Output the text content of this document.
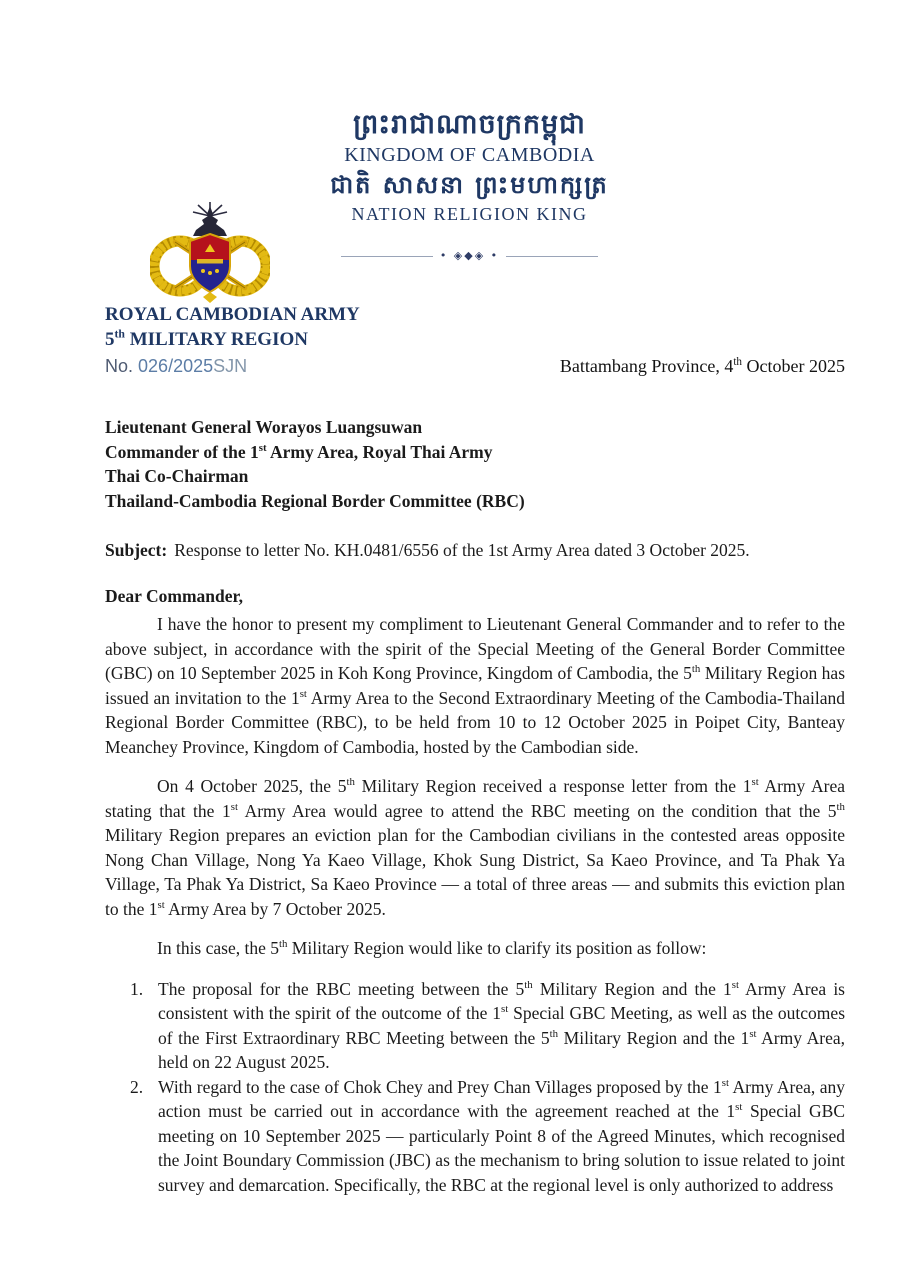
ព្រះរាជាណាចក្រកម្ពុជា
KINGDOM OF CAMBODIA
ជាតិ សាសនា ព្រះមហាក្សត្រ
NATION RELIGION KING
• ◈◆◈ •
ROYAL CAMBODIAN ARMY
5th MILITARY REGION
No. 026/2025SJN	Battambang Province, 4th October 2025
Lieutenant General Worayos Luangsuwan
Commander of the 1st Army Area, Royal Thai Army
Thai Co-Chairman
Thailand-Cambodia Regional Border Committee (RBC)
Subject: Response to letter No. KH.0481/6556 of the 1st Army Area dated 3 October 2025.
Dear Commander,

I have the honor to present my compliment to Lieutenant General Commander and to refer to the above subject, in accordance with the spirit of the Special Meeting of the General Border Committee (GBC) on 10 September 2025 in Koh Kong Province, Kingdom of Cambodia, the 5th Military Region has issued an invitation to the 1st Army Area to the Second Extraordinary Meeting of the Cambodia-Thailand Regional Border Committee (RBC), to be held from 10 to 12 October 2025 in Poipet City, Banteay Meanchey Province, Kingdom of Cambodia, hosted by the Cambodian side.

On 4 October 2025, the 5th Military Region received a response letter from the 1st Army Area stating that the 1st Army Area would agree to attend the RBC meeting on the condition that the 5th Military Region prepares an eviction plan for the Cambodian civilians in the contested areas opposite Nong Chan Village, Nong Ya Kaeo Village, Khok Sung District, Sa Kaeo Province, and Ta Phak Ya Village, Ta Phak Ya District, Sa Kaeo Province — a total of three areas — and submits this eviction plan to the 1st Army Area by 7 October 2025.

In this case, the 5th Military Region would like to clarify its position as follow:

1. The proposal for the RBC meeting between the 5th Military Region and the 1st Army Area is consistent with the spirit of the outcome of the 1st Special GBC Meeting, as well as the outcomes of the First Extraordinary RBC Meeting between the 5th Military Region and the 1st Army Area, held on 22 August 2025.
2. With regard to the case of Chok Chey and Prey Chan Villages proposed by the 1st Army Area, any action must be carried out in accordance with the agreement reached at the 1st Special GBC meeting on 10 September 2025 — particularly Point 8 of the Agreed Minutes, which recognised the Joint Boundary Commission (JBC) as the mechanism to bring solution to issue related to joint survey and demarcation. Specifically, the RBC at the regional level is only authorized to address
